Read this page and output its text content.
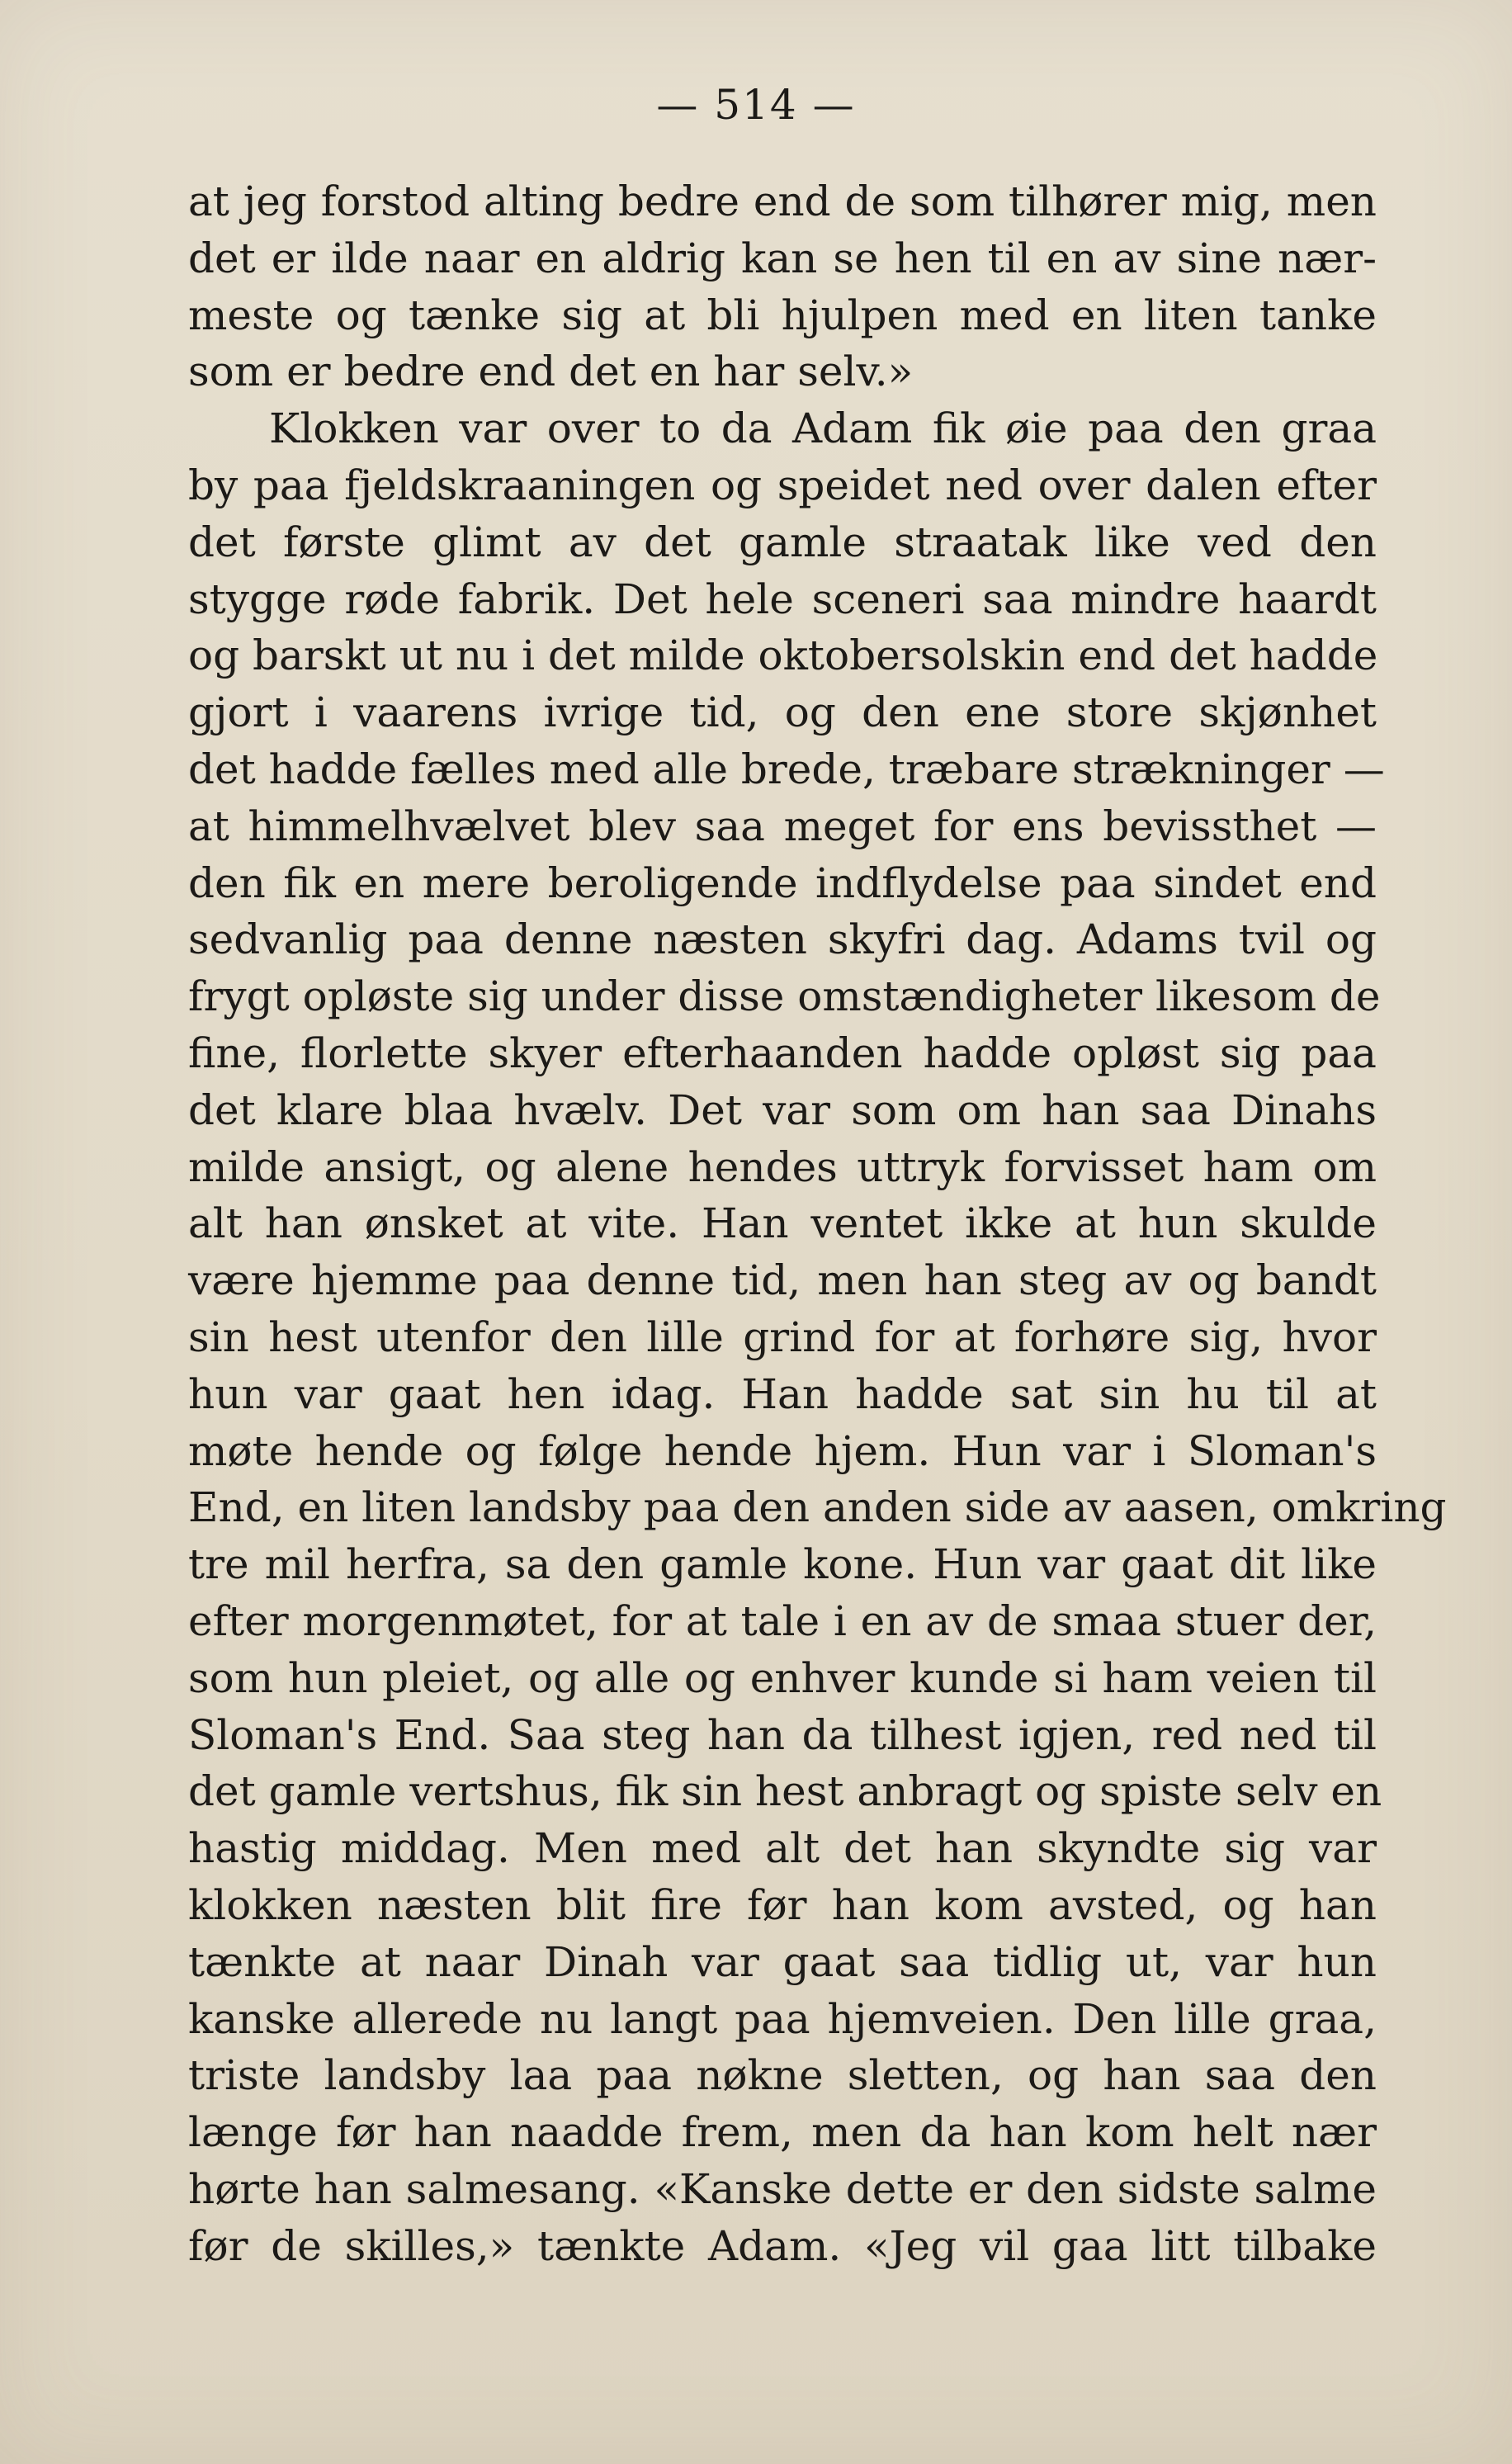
— 514 —
at jeg forstod alting bedre end de som tilhører mig, men
det er ilde naar en aldrig kan se hen til en av sine nær-
meste og tænke sig at bli hjulpen med en liten tanke
som er bedre end det en har selv.»
Klokken var over to da Adam fik øie paa den graa
by paa fjeldskraaningen og speidet ned over dalen efter
det første glimt av det gamle straatak like ved den
stygge røde fabrik. Det hele sceneri saa mindre haardt
og barskt ut nu i det milde oktobersolskin end det hadde
gjort i vaarens ivrige tid, og den ene store skjønhet
det hadde fælles med alle brede, træbare strækninger —
at himmelhvælvet blev saa meget for ens bevissthet —
den fik en mere beroligende indflydelse paa sindet end
sedvanlig paa denne næsten skyfri dag. Adams tvil og
frygt opløste sig under disse omstændigheter likesom de
fine, florlette skyer efterhaanden hadde opløst sig paa
det klare blaa hvælv. Det var som om han saa Dinahs
milde ansigt, og alene hendes uttryk forvisset ham om
alt han ønsket at vite. Han ventet ikke at hun skulde
være hjemme paa denne tid, men han steg av og bandt
sin hest utenfor den lille grind for at forhøre sig, hvor
hun var gaat hen idag. Han hadde sat sin hu til at
møte hende og følge hende hjem. Hun var i Sloman's
End, en liten landsby paa den anden side av aasen, omkring
tre mil herfra, sa den gamle kone. Hun var gaat dit like
efter morgenmøtet, for at tale i en av de smaa stuer der,
som hun pleiet, og alle og enhver kunde si ham veien til
Sloman's End. Saa steg han da tilhest igjen, red ned til
det gamle vertshus, fik sin hest anbragt og spiste selv en
hastig middag. Men med alt det han skyndte sig var
klokken næsten blit fire før han kom avsted, og han
tænkte at naar Dinah var gaat saa tidlig ut, var hun
kanske allerede nu langt paa hjemveien. Den lille graa,
triste landsby laa paa nøkne sletten, og han saa den
længe før han naadde frem, men da han kom helt nær
hørte han salmesang. «Kanske dette er den sidste salme
før de skilles,» tænkte Adam. «Jeg vil gaa litt tilbake
